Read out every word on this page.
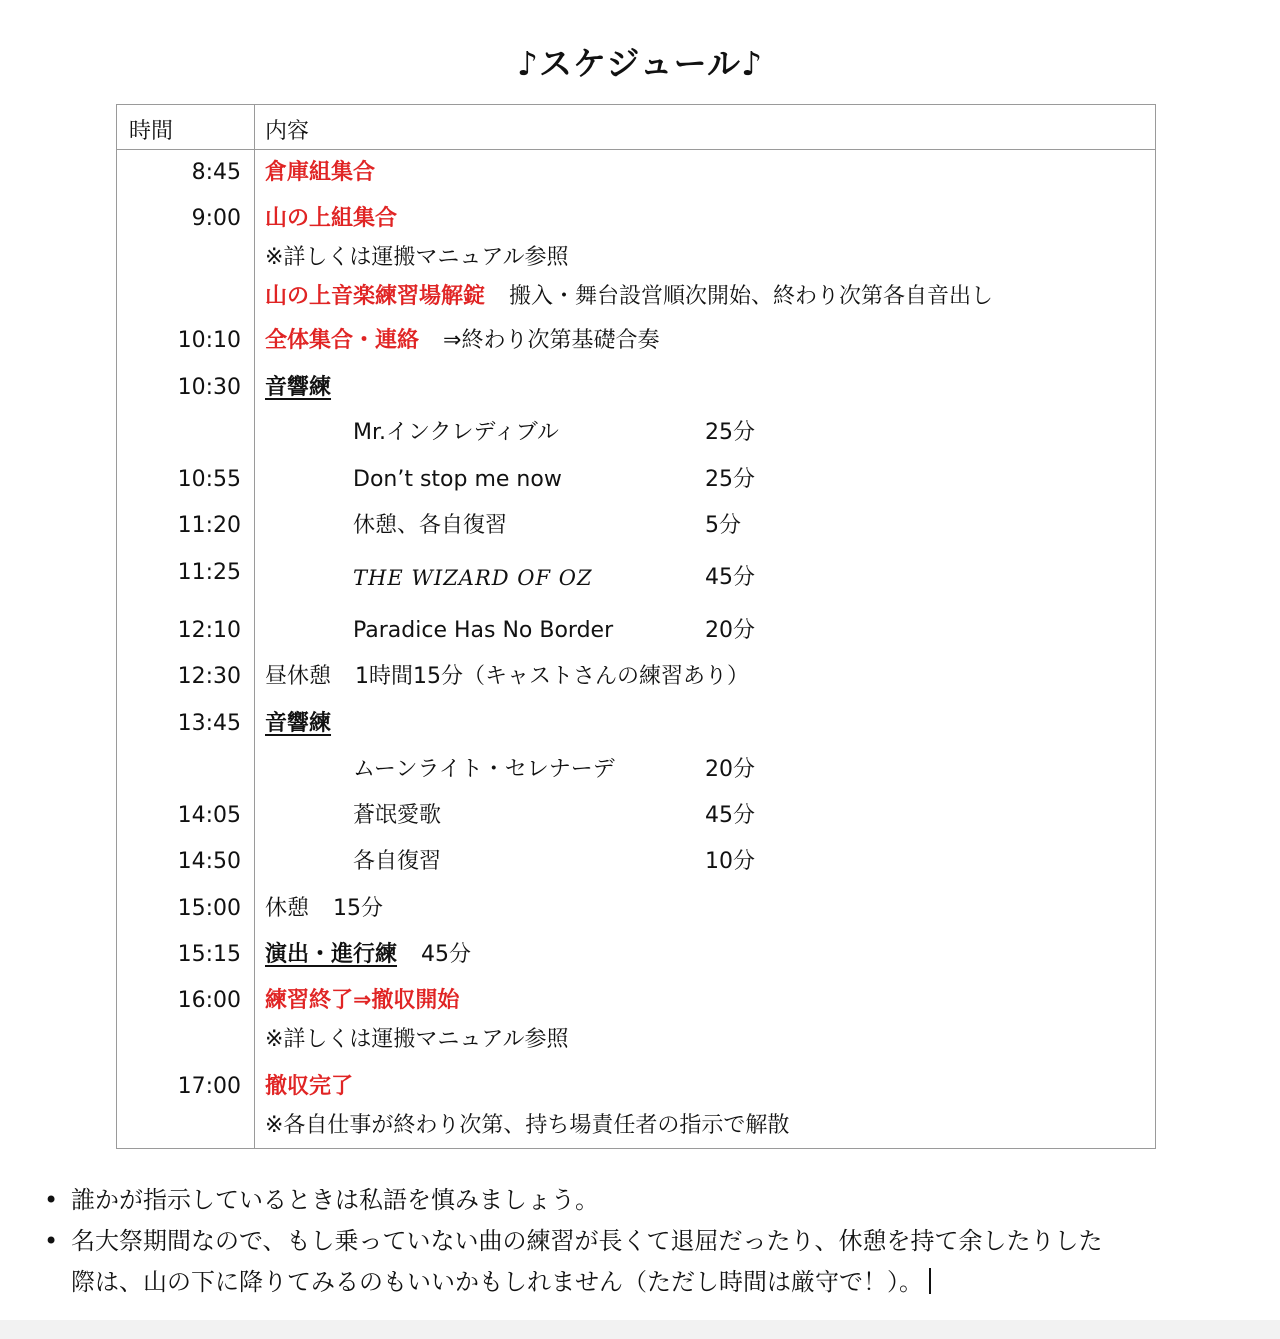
♪スケジュール♪
時間	内容
8:45 倉庫組集合
9:00 山の上組集合
※詳しくは運搬マニュアル参照
山の上音楽練習場解錠 搬入・舞台設営順次開始、終わり次第各自音出し
10:10 全体集合・連絡 ⇒終わり次第基礎合奏
10:30 音響練
Mr.インクレディブル	25分
10:55	Don’t stop me now	25分
11:20	休憩、各自復習	5分
11:25	THE WIZARD OF OZ	45分
12:10	Paradice Has No Border	20分
12:30 昼休憩 1時間15分（キャストさんの練習あり）
13:45 音響練
ムーンライト・セレナーデ	20分
14:05	蒼氓愛歌	45分
14:50	各自復習	10分
15:00 休憩 15分
15:15 演出・進行練 45分
16:00 練習終了⇒撤収開始
※詳しくは運搬マニュアル参照
17:00 撤収完了
※各自仕事が終わり次第、持ち場責任者の指示で解散
• 誰かが指示しているときは私語を慎みましょう。
• 名大祭期間なので、もし乗っていない曲の練習が長くて退屈だったり、休憩を持て余したりした
際は、山の下に降りてみるのもいいかもしれません（ただし時間は厳守で！）。
